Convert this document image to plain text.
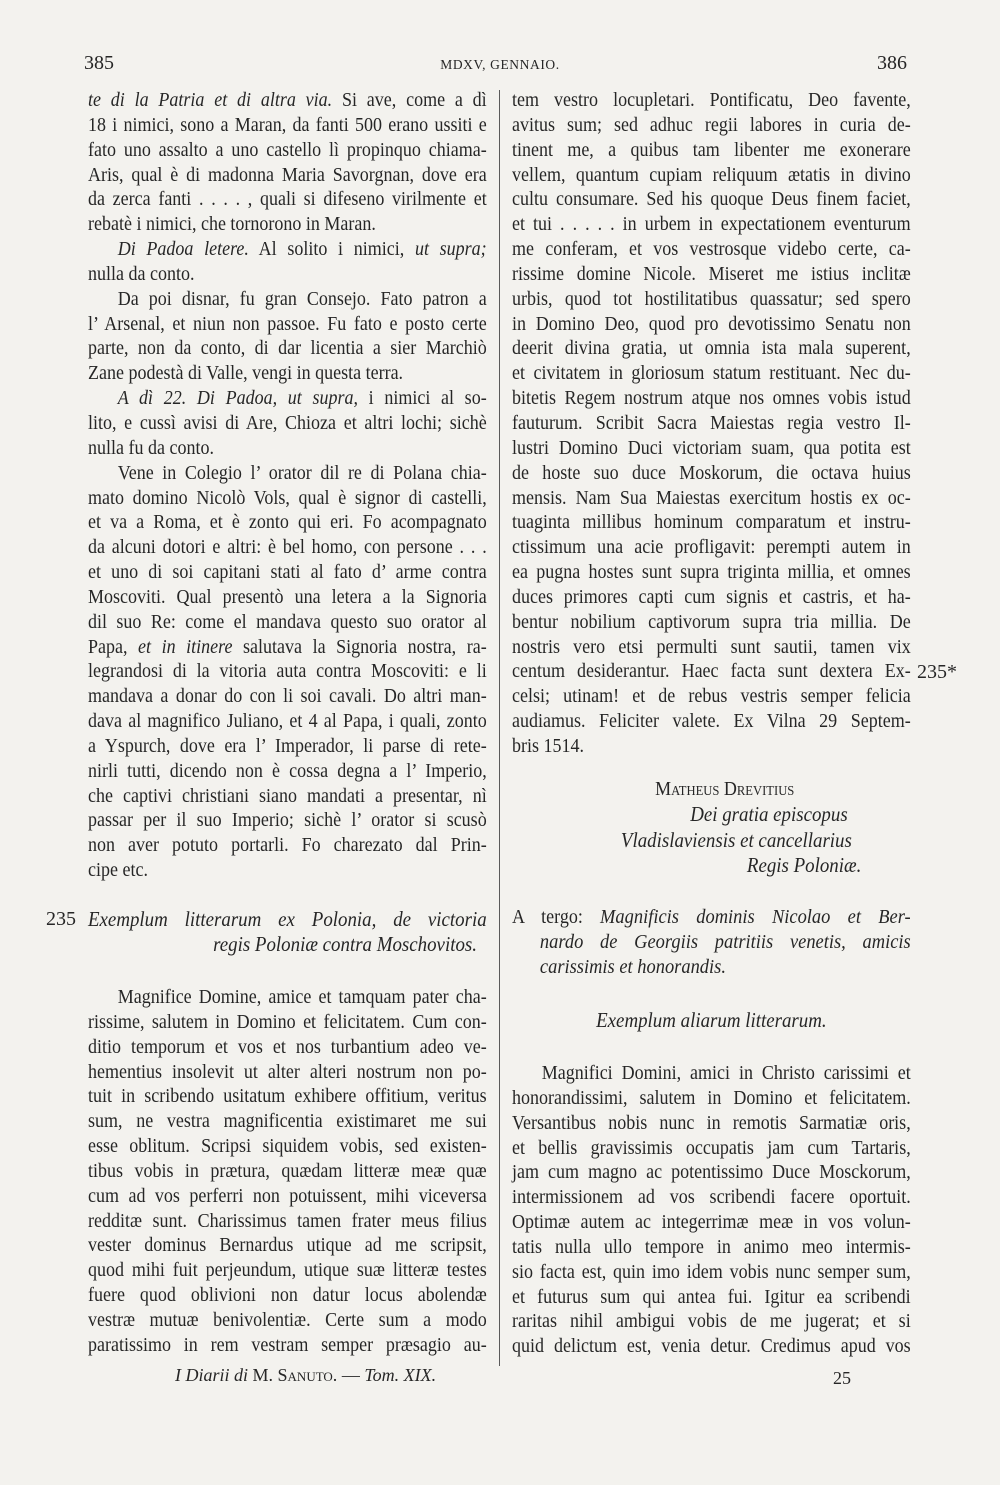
385	MDXV, GENNAIO.	386
te di la Patria et di altra via. Si ave, come a dì
18 i nimici, sono a Maran, da fanti 500 erano ussiti e
fato uno assalto a uno castello lì propinquo chiama-
Aris, qual è di madonna Maria Savorgnan, dove era
da zerca fanti . . . . , quali si difeseno virilmente et
rebatè i nimici, che tornorono in Maran.
Di Padoa letere. Al solito i nimici, ut supra;
nulla da conto.
Da poi disnar, fu gran Consejo. Fato patron a
l’ Arsenal, et niun non passoe. Fu fato e posto certe
parte, non da conto, di dar licentia a sier Marchiò
Zane podestà di Valle, vengi in questa terra.
A dì 22. Di Padoa, ut supra, i nimici al so-
lito, e cussì avisi di Are, Chioza et altri lochi; sichè
nulla fu da conto.
Vene in Colegio l’ orator dil re di Polana chia-
mato domino Nicolò Vols, qual è signor di castelli,
et va a Roma, et è zonto qui eri. Fo acompagnato
da alcuni dotori e altri: è bel homo, con persone . . .
et uno di soi capitani stati al fato d’ arme contra
Moscoviti. Qual presentò una letera a la Signoria
dil suo Re: come el mandava questo suo orator al
Papa, et in itinere salutava la Signoria nostra, ra-
legrandosi di la vitoria auta contra Moscoviti: e li
mandava a donar do con li soi cavali. Do altri man-
dava al magnifico Juliano, et 4 al Papa, i quali, zonto
a Yspurch, dove era l’ Imperador, li parse di rete-
nirli tutti, dicendo non è cossa degna a l’ Imperio,
che captivi christiani siano mandati a presentar, nì
passar per il suo Imperio; sichè l’ orator si scusò
non aver potuto portarli. Fo charezato dal Prin-
cipe etc.
235 Exemplum litterarum ex Polonia, de victoria
regis Poloniæ contra Moschovitos.
Magnifice Domine, amice et tamquam pater cha-
rissime, salutem in Domino et felicitatem. Cum con-
ditio temporum et vos et nos turbantium adeo ve-
hementius insolevit ut alter alteri nostrum non po-
tuit in scribendo usitatum exhibere offitium, veritus
sum, ne vestra magnificentia existimaret me sui
esse oblitum. Scripsi siquidem vobis, sed existen-
tibus vobis in prætura, quædam litteræ meæ quæ
cum ad vos perferri non potuissent, mihi viceversa
redditæ sunt. Charissimus tamen frater meus filius
vester dominus Bernardus utique ad me scripsit,
quod mihi fuit perjeundum, utique suæ litteræ testes
fuere quod oblivioni non datur locus abolendæ
vestræ mutuæ benivolentiæ. Certe sum a modo
paratissimo in rem vestram semper præsagio au-
tem vestro locupletari. Pontificatu, Deo favente,
avitus sum; sed adhuc regii labores in curia de-
tinent me, a quibus tam libenter me exonerare
vellem, quantum cupiam reliquum ætatis in divino
cultu consumare. Sed his quoque Deus finem faciet,
et tui . . . . . in urbem in expectationem eventurum
me conferam, et vos vestrosque videbo certe, ca-
rissime domine Nicole. Miseret me istius inclitæ
urbis, quod tot hostilitatibus quassatur; sed spero
in Domino Deo, quod pro devotissimo Senatu non
deerit divina gratia, ut omnia ista mala superent,
et civitatem in gloriosum statum restituant. Nec du-
bitetis Regem nostrum atque nos omnes vobis istud
fauturum. Scribit Sacra Maiestas regia vestro Il-
lustri Domino Duci victoriam suam, qua potita est
de hoste suo duce Moskorum, die octava huius
mensis. Nam Sua Maiestas exercitum hostis ex oc-
tuaginta millibus hominum comparatum et instru-
ctissimum una acie profligavit: perempti autem in
ea pugna hostes sunt supra triginta millia, et omnes
duces primores capti cum signis et castris, et ha-
bentur nobilium captivorum supra tria millia. De
nostris vero etsi permulti sunt sautii, tamen vix
centum desiderantur. Haec facta sunt dextera Ex-
celsi; utinam! et de rebus vestris semper felicia
audiamus. Feliciter valete. Ex Vilna 29 Septem-
bris 1514.
235*
Matheus Drevitius
Dei gratia episcopus
Vladislaviensis et cancellarius
Regis Poloniæ.
A tergo: Magnificis dominis Nicolao et Ber-
nardo de Georgiis patritiis venetis, amicis
carissimis et honorandis.
Exemplum aliarum litterarum.
Magnifici Domini, amici in Christo carissimi et
honorandissimi, salutem in Domino et felicitatem.
Versantibus nobis nunc in remotis Sarmatiæ oris,
et bellis gravissimis occupatis jam cum Tartaris,
jam cum magno ac potentissimo Duce Mosckorum,
intermissionem ad vos scribendi facere oportuit.
Optimæ autem ac integerrimæ meæ in vos volun-
tatis nulla ullo tempore in animo meo intermis-
sio facta est, quin imo idem vobis nunc semper sum,
et futurus sum qui antea fui. Igitur ea scribendi
raritas nihil ambigui vobis de me jugerat; et si
quid delictum est, venia detur. Credimus apud vos
I Diarii di M. Sanuto. — Tom. XIX.	25
